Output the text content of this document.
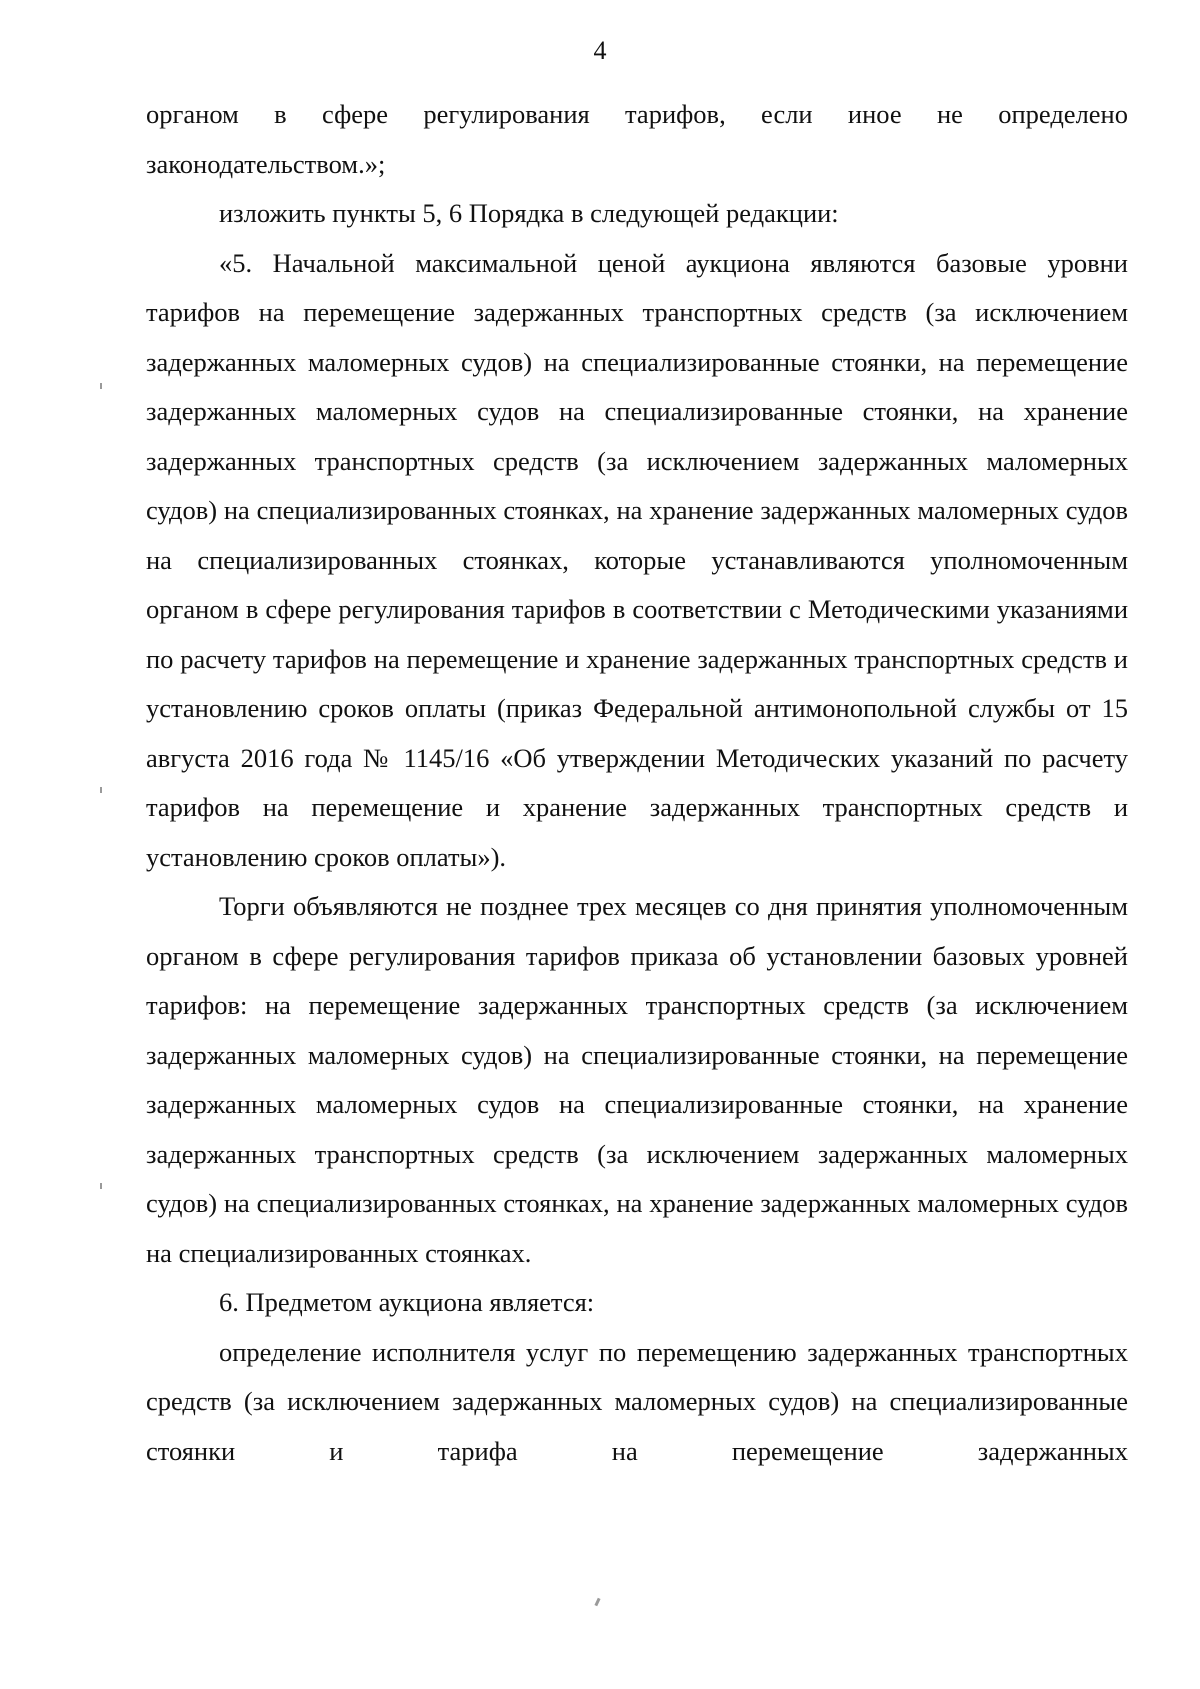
4

органом в сфере регулирования тарифов, если иное не определено законодательством.»;

изложить пункты 5, 6 Порядка в следующей редакции:

«5. Начальной максимальной ценой аукциона являются базовые уровни тарифов на перемещение задержанных транспортных средств (за исключением задержанных маломерных судов) на специализированные стоянки, на перемещение задержанных маломерных судов на специализированные стоянки, на хранение задержанных транспортных средств (за исключением задержанных маломерных судов) на специализированных стоянках, на хранение задержанных маломерных судов на специализированных стоянках, которые устанавливаются уполномоченным органом в сфере регулирования тарифов в соответствии с Методическими указаниями по расчету тарифов на перемещение и хранение задержанных транспортных средств и установлению сроков оплаты (приказ Федеральной антимонопольной службы от 15 августа 2016 года № 1145/16 «Об утверждении Методических указаний по расчету тарифов на перемещение и хранение задержанных транспортных средств и установлению сроков оплаты»).

Торги объявляются не позднее трех месяцев со дня принятия уполномоченным органом в сфере регулирования тарифов приказа об установлении базовых уровней тарифов: на перемещение задержанных транспортных средств (за исключением задержанных маломерных судов) на специализированные стоянки, на перемещение задержанных маломерных судов на специализированные стоянки, на хранение задержанных транспортных средств (за исключением задержанных маломерных судов) на специализированных стоянках, на хранение задержанных маломерных судов на специализированных стоянках.

6. Предметом аукциона является:

определение исполнителя услуг по перемещению задержанных транспортных средств (за исключением задержанных маломерных судов) на специализированные стоянки и тарифа на перемещение задержанных
